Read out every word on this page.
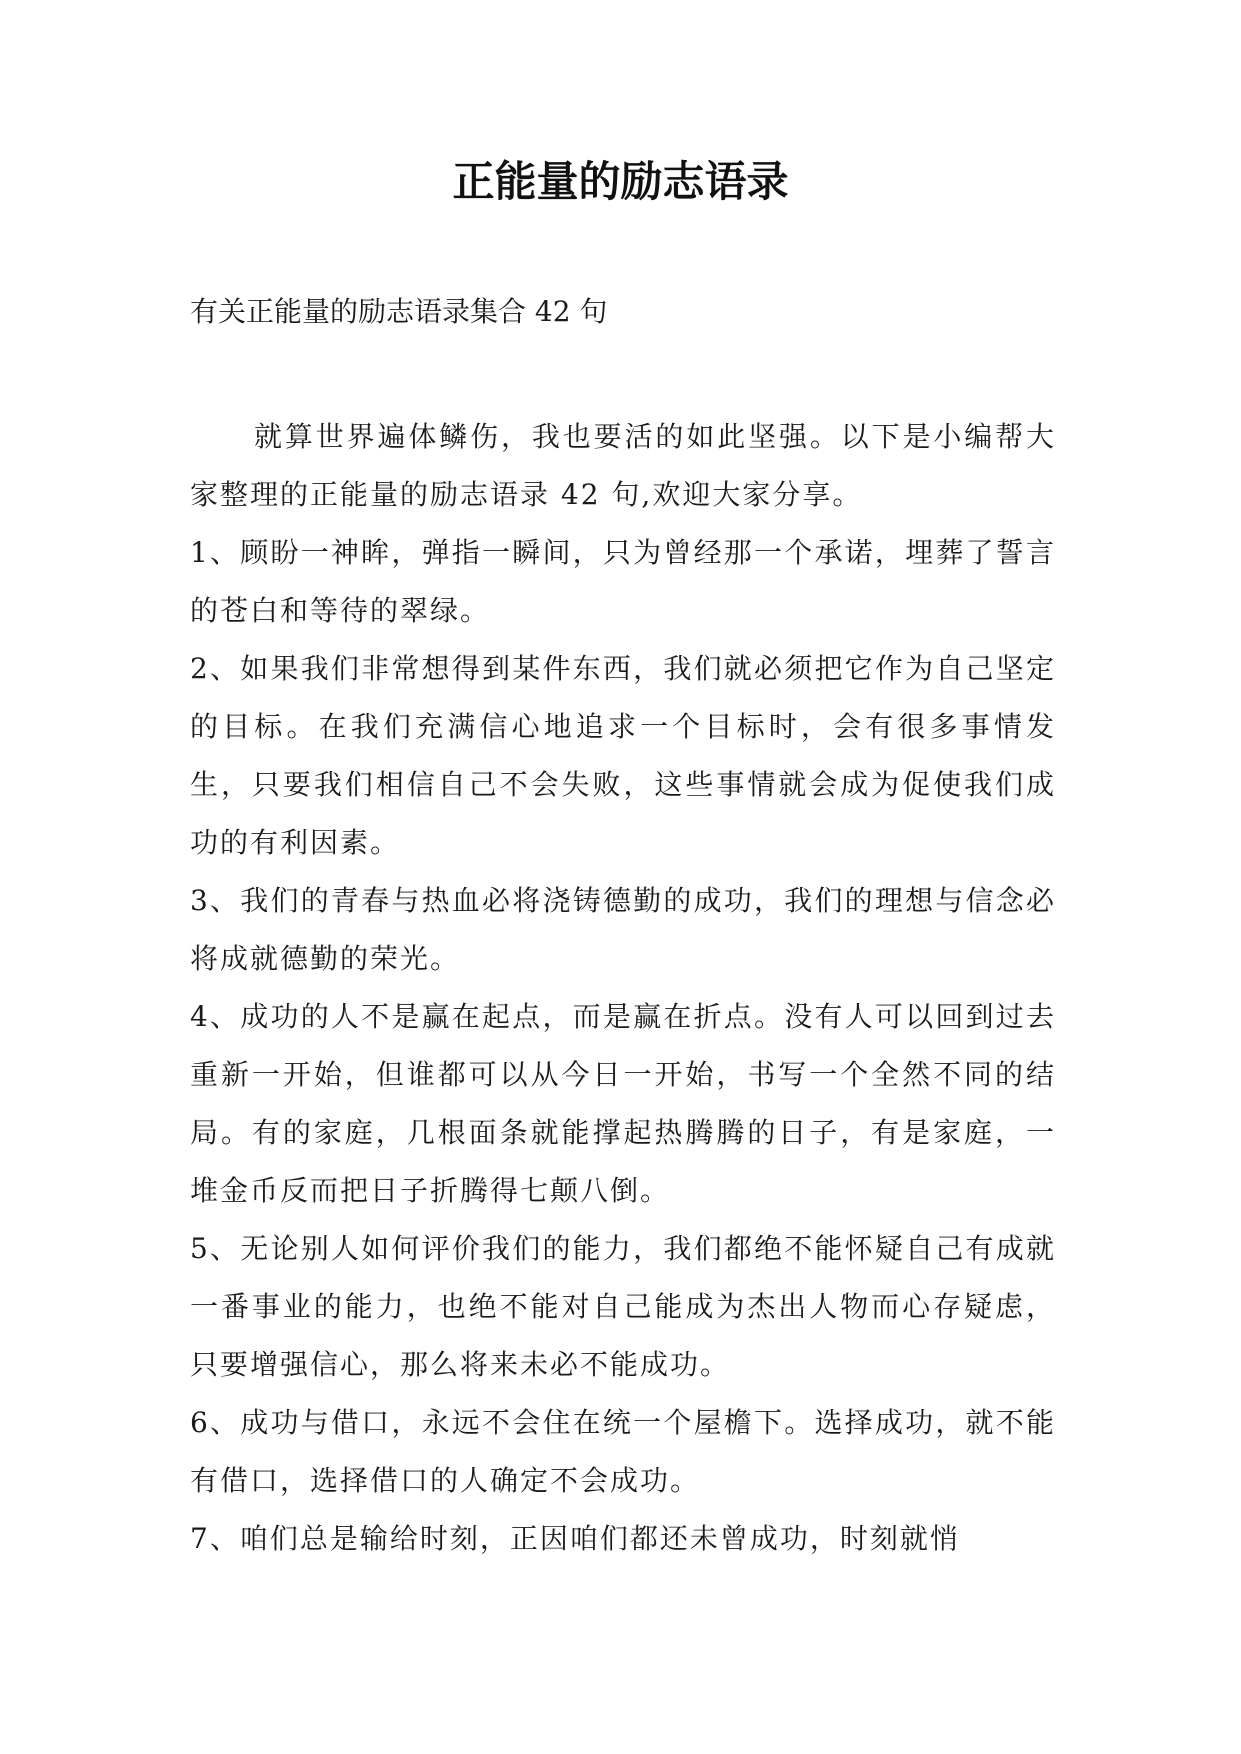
正能量的励志语录

有关正能量的励志语录集合 42 句

就算世界遍体鳞伤，我也要活的如此坚强。以下是小编帮大家整理的正能量的励志语录 42 句,欢迎大家分享。

1、顾盼一神眸，弹指一瞬间，只为曾经那一个承诺，埋葬了誓言的苍白和等待的翠绿。

2、如果我们非常想得到某件东西，我们就必须把它作为自己坚定的目标。在我们充满信心地追求一个目标时，会有很多事情发生，只要我们相信自己不会失败，这些事情就会成为促使我们成功的有利因素。

3、我们的青春与热血必将浇铸德勤的成功，我们的理想与信念必将成就德勤的荣光。

4、成功的人不是赢在起点，而是赢在折点。没有人可以回到过去重新一开始，但谁都可以从今日一开始，书写一个全然不同的结局。有的家庭，几根面条就能撑起热腾腾的日子，有是家庭，一堆金币反而把日子折腾得七颠八倒。

5、无论别人如何评价我们的能力，我们都绝不能怀疑自己有成就一番事业的能力，也绝不能对自己能成为杰出人物而心存疑虑，只要增强信心，那么将来未必不能成功。

6、成功与借口，永远不会住在统一个屋檐下。选择成功，就不能有借口，选择借口的人确定不会成功。

7、咱们总是输给时刻，正因咱们都还未曾成功，时刻就悄
